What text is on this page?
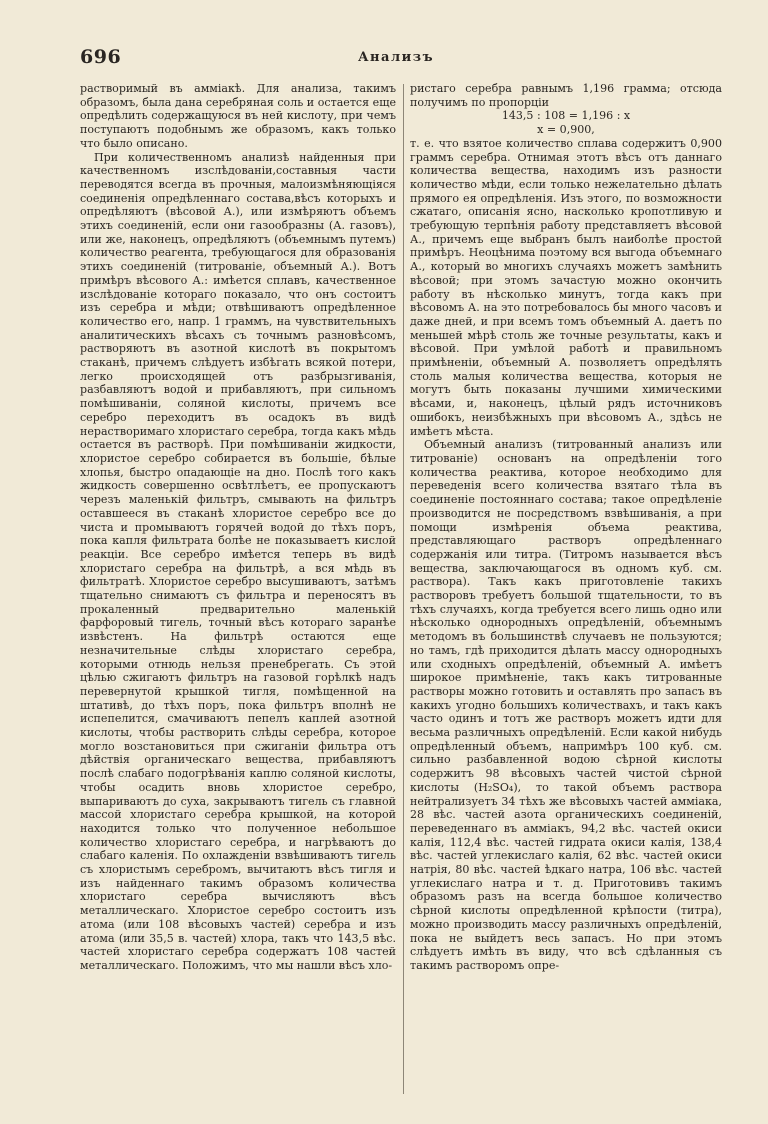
696	Анализъ

растворимый въ амміакѣ. Для анализа, такимъ образомъ, была дана серебряная соль и остается еще опредѣлить содержащуюся въ ней кислоту, при чемъ поступаютъ подобнымъ же образомъ, какъ только что было описано.

При количественномъ анализѣ найденныя при качественномъ изслѣдованіи,составныя части переводятся всегда въ прочныя, малоизмѣняющіяся соединенія опредѣленнаго состава,вѣсъ которыхъ и опредѣляютъ (вѣсовой А.), или измѣряютъ объемъ этихъ соединеній, если они газообразны (А. газовъ), или же, наконецъ, опредѣляютъ (объемнымъ путемъ) количество реагента, требующагося для образованія этихъ соединеній (титрованіе, объемный А.). Вотъ примѣръ вѣсового А.: имѣется сплавъ, качественное изслѣдованіе котораго показало, что онъ состоитъ изъ серебра и мѣди; отвѣшиваютъ опредѣленное количество его, напр. 1 граммъ, на чувствительныхъ аналитическихъ вѣсахъ съ точнымъ разновѣсомъ, растворяютъ въ азотной кислотѣ въ покрытомъ стаканѣ, причемъ слѣдуетъ избѣгать всякой потери, легко происходящей отъ разбрызгиванія, разбавляютъ водой и прибавляютъ, при сильномъ помѣшиваніи, соляной кислоты, причемъ все серебро переходитъ въ осадокъ въ видѣ нерастворимаго хлористаго серебра, тогда какъ мѣдь остается въ растворѣ. При помѣшиваніи жидкости, хлористое серебро собирается въ большіе, бѣлые хлопья, быстро опадающіе на дно. Послѣ того какъ жидкость совершенно освѣтлѣетъ, ее пропускаютъ черезъ маленькій фильтръ, смывають на фильтръ оставшееся въ стаканѣ хлористое серебро все до чиста и промываютъ горячей водой до тѣхъ поръ, пока капля фильтрата болѣе не показываетъ кислой реакціи. Все серебро имѣется теперь въ видѣ хлористаго серебра на фильтрѣ, а вся мѣдь въ фильтратѣ. Хлористое серебро высушиваютъ, затѣмъ тщательно снимаютъ съ фильтра и переносятъ въ прокаленный предварительно маленькій фарфоровый тигель, точный вѣсъ котораго заранѣе извѣстенъ. На фильтрѣ остаются еще незначительные слѣды хлористаго серебра, которыми отнюдь нельзя пренебрегать. Съ этой цѣлью сжигаютъ фильтръ на газовой горѣлкѣ надъ перевернутой крышкой тигля, помѣщенной на штативѣ, до тѣхъ поръ, пока фильтръ вполнѣ не испепелится, смачиваютъ пепелъ каплей азотной кислоты, чтобы растворить слѣды серебра, которое могло возстановиться при сжиганіи фильтра отъ дѣйствія органическаго вещества, прибавляютъ послѣ слабаго подогрѣванія каплю соляной кислоты, чтобы осадить вновь хлористое серебро, выпариваютъ до суха, закрываютъ тигель съ главной массой хлористаго серебра крышкой, на которой находится только что полученное небольшое количество хлористаго серебра, и нагрѣваютъ до слабаго каленія. По охлажденіи взвѣшиваютъ тигель съ хлористымъ серебромъ, вычитаютъ вѣсъ тигля и изъ найденнаго такимъ образомъ количества хлористаго серебра вычисляютъ вѣсъ металлическаго. Хлористое серебро состоитъ изъ атома (или 108 вѣсовыхъ частей) серебра и изъ атома (или 35,5 в. частей) хлора, такъ что 143,5 вѣс. частей хлористаго серебра содержатъ 108 частей металлическаго. Положимъ, что мы нашли вѣсъ хло-

ристаго серебра равнымъ 1,196 грамма; отсюда получимъ по пропорціи

143,5 : 108 = 1,196 : x

x = 0,900,

т. е. что взятое количество сплава содержитъ 0,900 граммъ серебра. Отнимая этотъ вѣсъ отъ даннаго количества вещества, находимъ изъ разности количество мѣди, если только нежелательно дѣлать прямого ея опредѣленія. Изъ этого, по возможности сжатаго, описанія ясно, насколько кропотливую и требующую терпѣнія работу представляетъ вѣсовой А., причемъ еще выбранъ былъ наиболѣе простой примѣръ. Неоцѣнима поэтому вся выгода объемнаго А., который во многихъ случаяхъ можетъ замѣнить вѣсовой; при этомъ зачастую можно окончить работу въ нѣсколько минутъ, тогда какъ при вѣсовомъ А. на это потребовалось бы много часовъ и даже дней, и при всемъ томъ объемный А. даетъ по меньшей мѣрѣ столь же точные результаты, какъ и вѣсовой. При умѣлой работѣ и правильномъ примѣненіи, объемный А. позволяетъ опредѣлять столь малыя количества вещества, которыя не могутъ быть показаны лучшими химическими вѣсами, и, наконецъ, цѣлый рядъ источниковъ ошибокъ, неизбѣжныхъ при вѣсовомъ А., здѣсь не имѣетъ мѣста.

Объемный анализъ (титрованный анализъ или титрованіе) основанъ на опредѣленіи того количества реактива, которое необходимо для переведенія всего количества взятаго тѣла въ соединеніе постояннаго состава; такое опредѣленіе производится не посредствомъ взвѣшиванія, а при помощи измѣренія объема реактива, представляющаго растворъ опредѣленнаго содержанія или титра. (Титромъ называется вѣсъ вещества, заключающагося въ одномъ куб. см. раствора). Такъ какъ приготовленіе такихъ растворовъ требуетъ большой тщательности, то въ тѣхъ случаяхъ, когда требуется всего лишь одно или нѣсколько однородныхъ опредѣленій, объемнымъ методомъ въ большинствѣ случаевъ не пользуются; но тамъ, гдѣ приходится дѣлать массу однородныхъ или сходныхъ опредѣленій, объемный А. имѣетъ широкое примѣненіе, такъ какъ титрованные растворы можно готовить и оставлять про запасъ въ какихъ угодно большихъ количествахъ, и такъ какъ часто одинъ и тотъ же растворъ можетъ идти для весьма различныхъ опредѣленій. Если какой нибудь опредѣленный объемъ, напримѣръ 100 куб. см. сильно разбавленной водою сѣрной кислоты содержитъ 98 вѣсовыхъ частей чистой сѣрной кислоты (H₂SO₄), то такой объемъ раствора нейтрализуетъ 34 тѣхъ же вѣсовыхъ частей амміака, 28 вѣс. частей азота органическихъ соединеній, переведеннаго въ амміакъ, 94,2 вѣс. частей окиси калія, 112,4 вѣс. частей гидрата окиси калія, 138,4 вѣс. частей углекислаго калія, 62 вѣс. частей окиси натрія, 80 вѣс. частей ѣдкаго натра, 106 вѣс. частей углекислаго натра и т. д. Приготовивъ такимъ образомъ разъ на всегда большое количество сѣрной кислоты опредѣленной крѣпости (титра), можно производить массу различныхъ опредѣленій, пока не выйдетъ весь запасъ. Но при этомъ слѣдуетъ имѣть въ виду, что всѣ сдѣланныя съ такимъ растворомъ опре-
